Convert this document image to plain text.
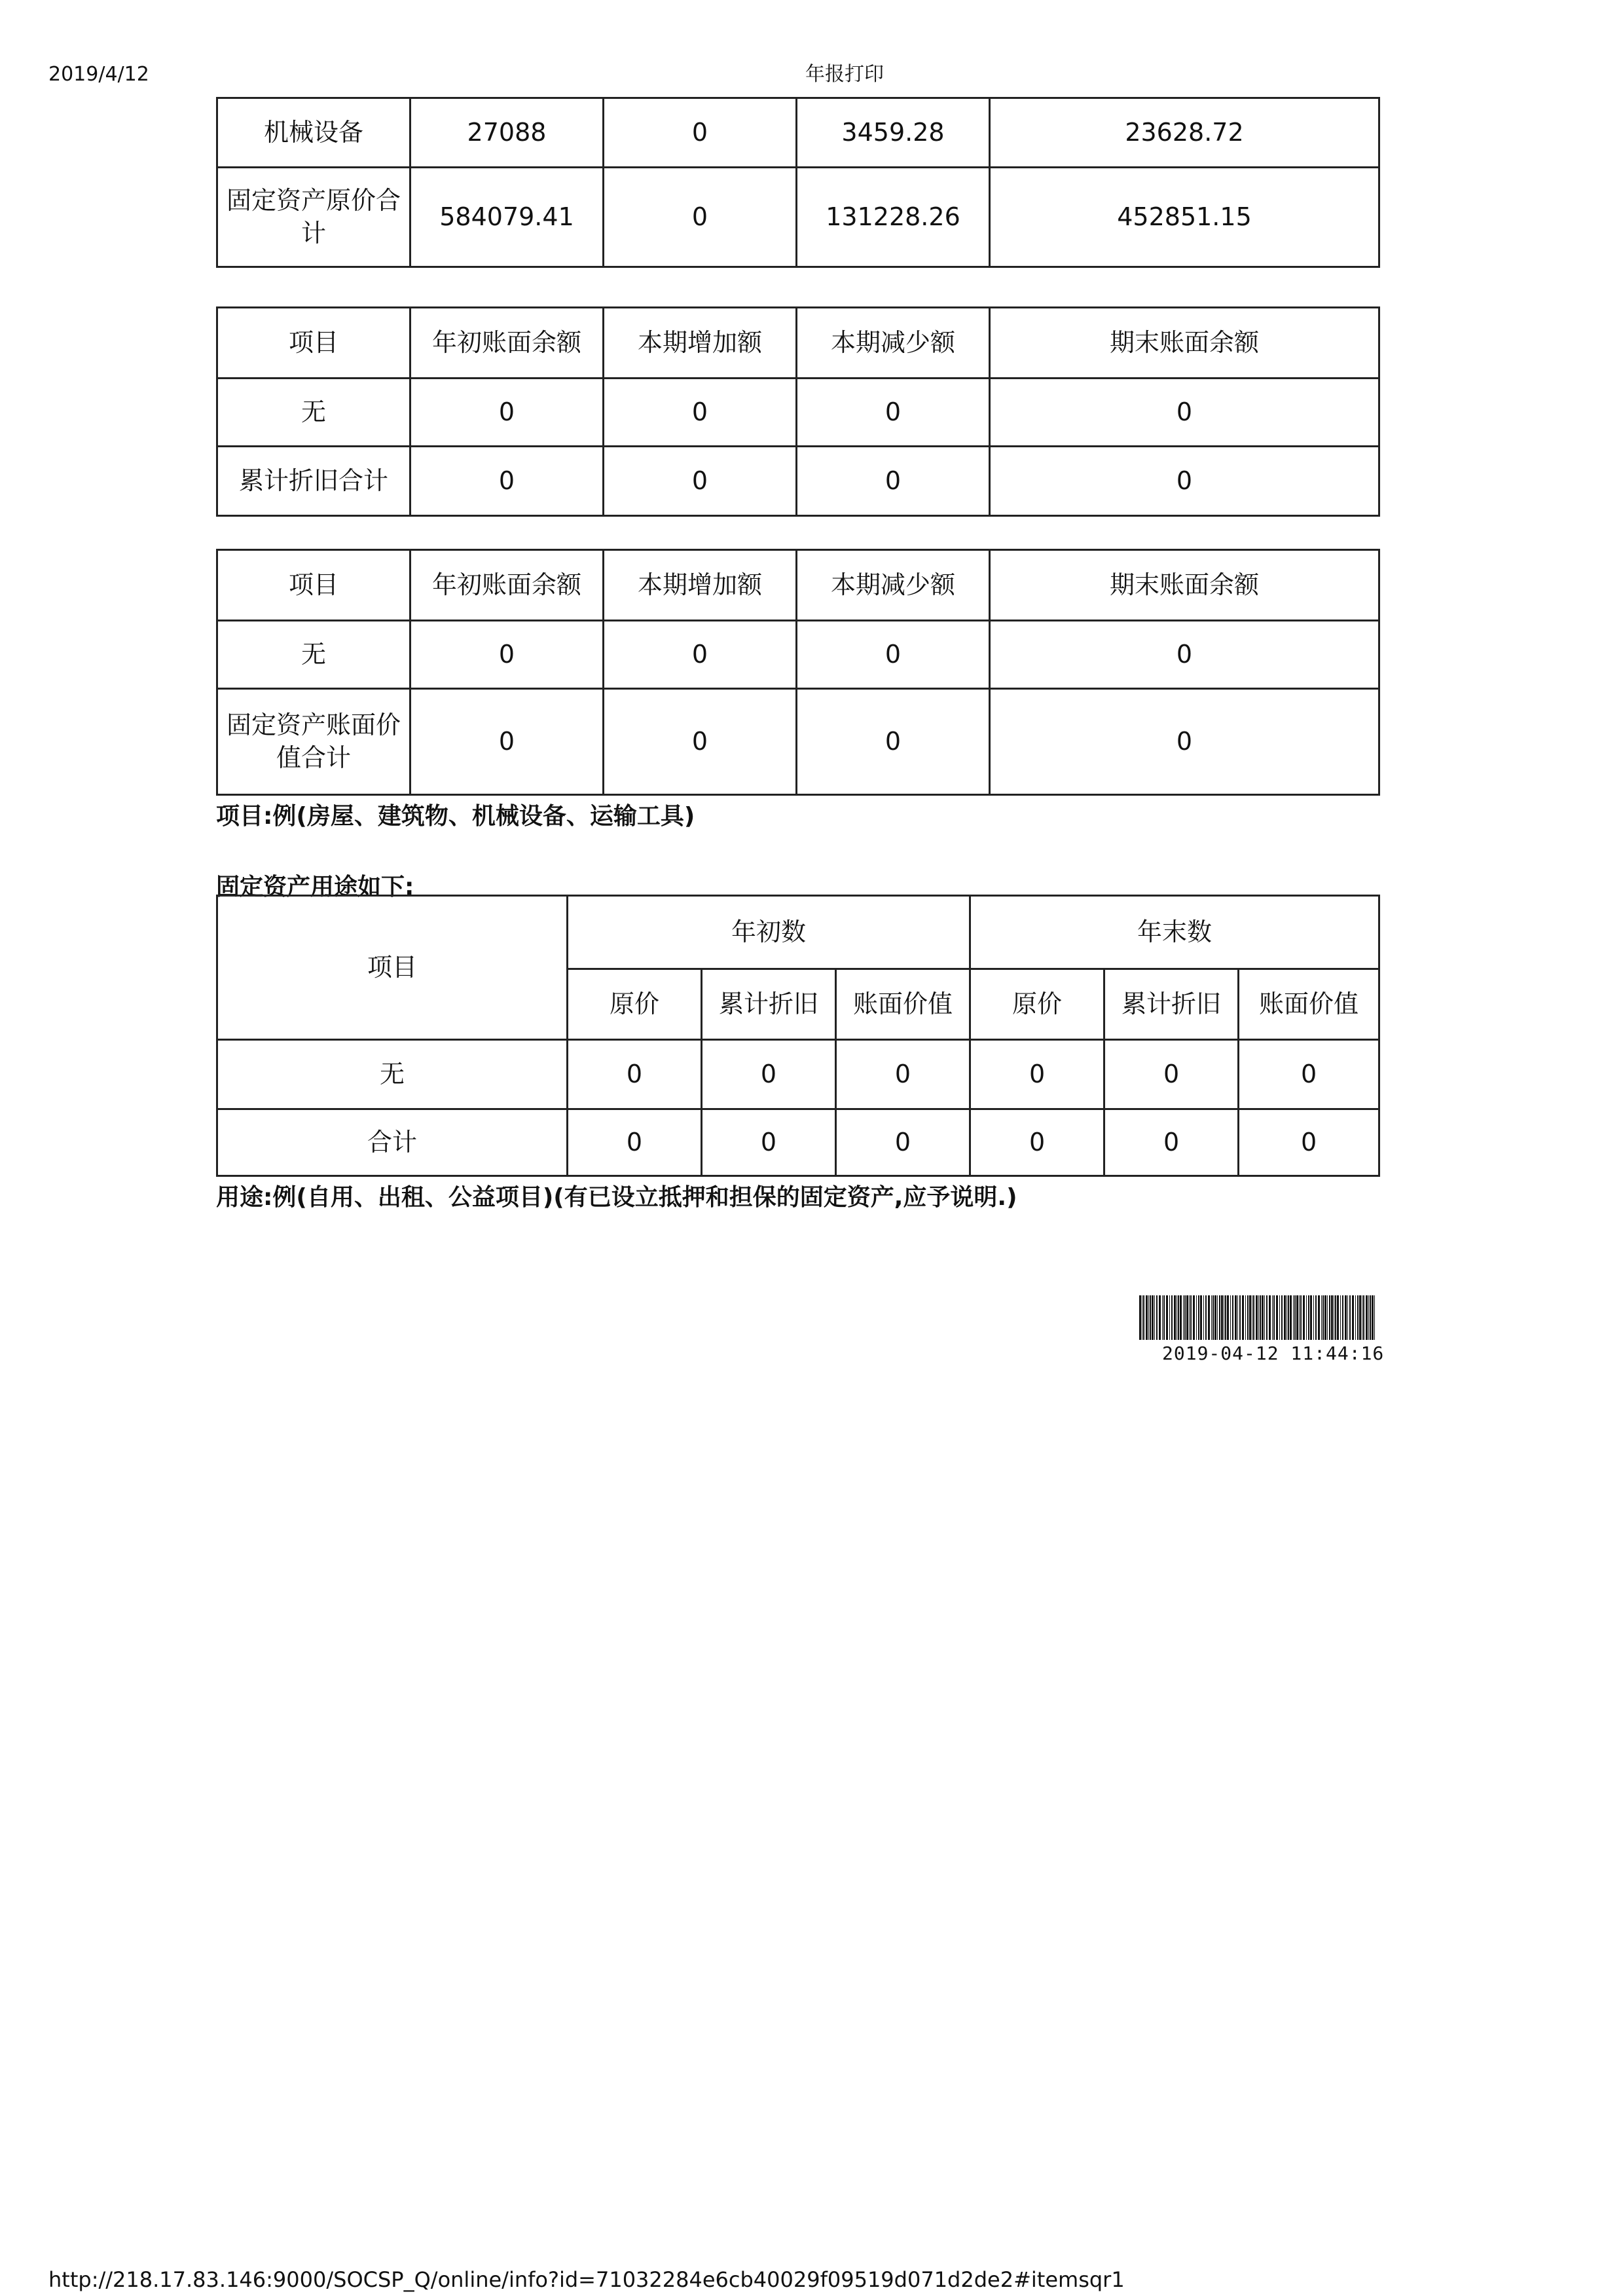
2019/4/12	年报打印
机械设备	27088	0	3459.28	23628.72
固定资产原价合计	584079.41	0	131228.26	452851.15
项目	年初账面余额	本期增加额	本期减少额	期末账面余额
无	0	0	0	0
累计折旧合计	0	0	0	0
项目	年初账面余额	本期增加额	本期减少额	期末账面余额
无	0	0	0	0
固定资产账面价值合计	0	0	0	0
项目:例(房屋、建筑物、机械设备、运输工具)
固定资产用途如下:
项目	年初数			年末数		
	原价	累计折旧	账面价值	原价	累计折旧	账面价值
无	0	0	0	0	0	0
合计	0	0	0	0	0	0
用途:例(自用、出租、公益项目)(有已设立抵押和担保的固定资产,应予说明.)
2019-04-12 11:44:16
http://218.17.83.146:9000/SOCSP_Q/online/info?id=71032284e6cb40029f09519d071d2de2#itemsqr1
